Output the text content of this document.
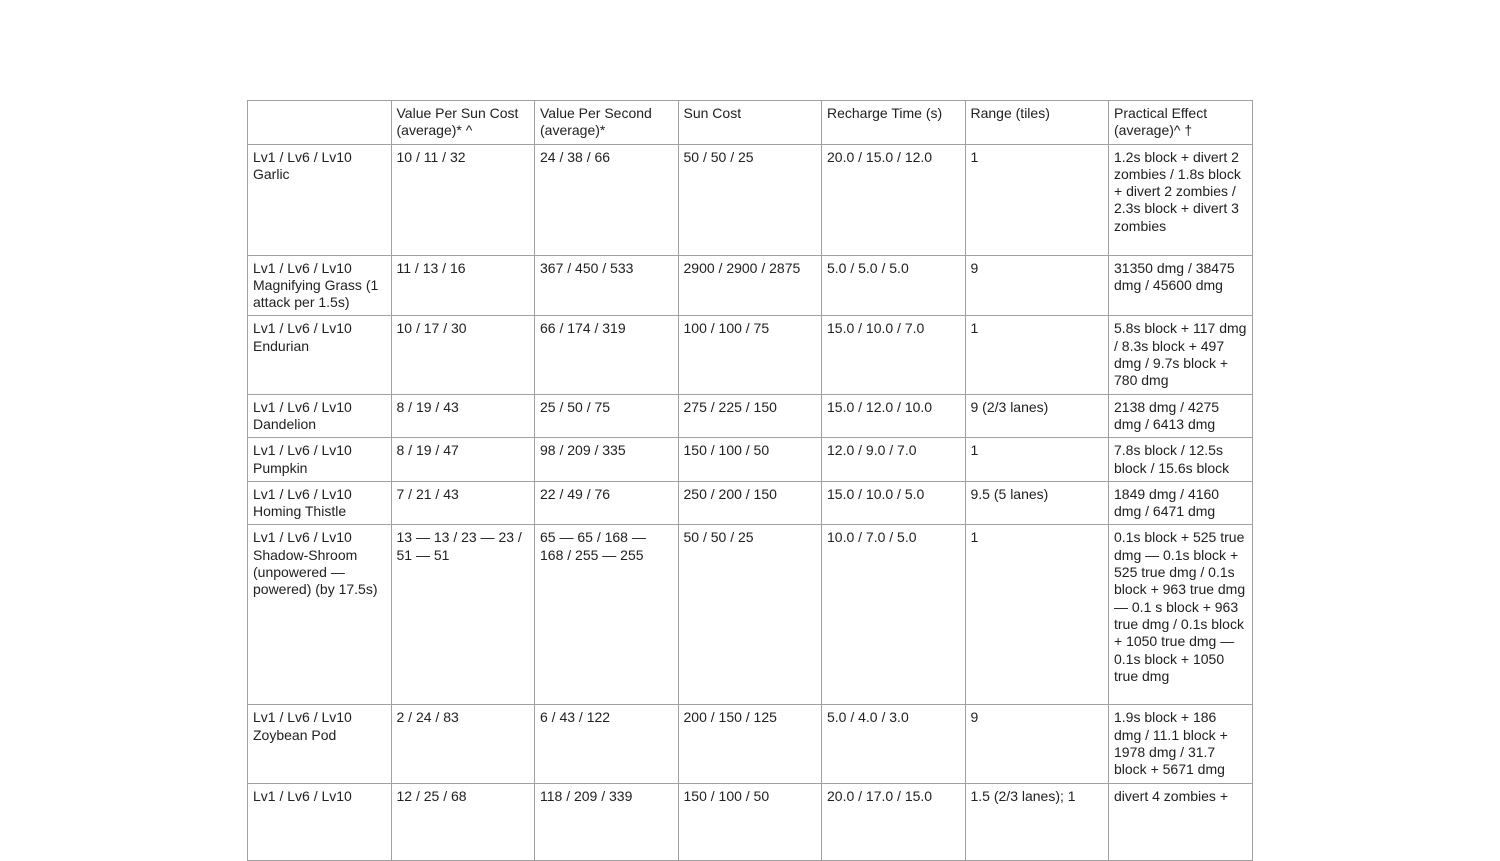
	Value Per Sun Cost (average)* ^	Value Per Second (average)*	Sun Cost	Recharge Time (s)	Range (tiles)	Practical Effect (average)^ †

Lv1 / Lv6 / Lv10
Garlic	10 / 11 / 32	24 / 38 / 66	50 / 50 / 25	20.0 / 15.0 / 12.0	1	1.2s block + divert 2 zombies / 1.8s block + divert 2 zombies / 2.3s block + divert 3 zombies

Lv1 / Lv6 / Lv10
Magnifying Grass (1 attack per 1.5s)	11 / 13 / 16	367 / 450 / 533	2900 / 2900 / 2875	5.0 / 5.0 / 5.0	9	31350 dmg / 38475 dmg / 45600 dmg

Lv1 / Lv6 / Lv10
Endurian	10 / 17 / 30	66 / 174 / 319	100 / 100 / 75	15.0 / 10.0 / 7.0	1	5.8s block + 117 dmg / 8.3s block + 497 dmg / 9.7s block + 780 dmg

Lv1 / Lv6 / Lv10
Dandelion	8 / 19 / 43	25 / 50 / 75	275 / 225 / 150	15.0 / 12.0 / 10.0	9 (2/3 lanes)	2138 dmg / 4275 dmg / 6413 dmg

Lv1 / Lv6 / Lv10
Pumpkin	8 / 19 / 47	98 / 209 / 335	150 / 100 / 50	12.0 / 9.0 / 7.0	1	7.8s block / 12.5s block / 15.6s block

Lv1 / Lv6 / Lv10
Homing Thistle	7 / 21 / 43	22 / 49 / 76	250 / 200 / 150	15.0 / 10.0 / 5.0	9.5 (5 lanes)	1849 dmg / 4160 dmg / 6471 dmg

Lv1 / Lv6 / Lv10
Shadow-Shroom (unpowered — powered) (by 17.5s)	13 — 13 / 23 — 23 / 51 — 51	65 — 65 / 168 — 168 / 255 — 255	50 / 50 / 25	10.0 / 7.0 / 5.0	1	0.1s block + 525 true dmg — 0.1s block + 525 true dmg / 0.1s block + 963 true dmg — 0.1 s block + 963 true dmg / 0.1s block + 1050 true dmg — 0.1s block + 1050 true dmg

Lv1 / Lv6 / Lv10
Zoybean Pod	2 / 24 / 83	6 / 43 / 122	200 / 150 / 125	5.0 / 4.0 / 3.0	9	1.9s block + 186 dmg / 11.1 block + 1978 dmg / 31.7 block + 5671 dmg

Lv1 / Lv6 / Lv10	12 / 25 / 68	118 / 209 / 339	150 / 100 / 50	20.0 / 17.0 / 15.0	1.5 (2/3 lanes); 1	divert 4 zombies +
